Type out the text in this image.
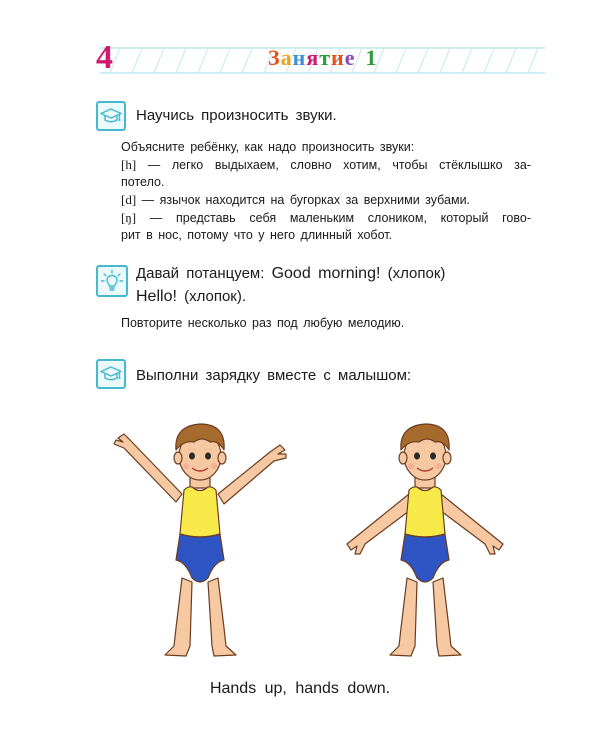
4	Занятие 1
Научись произносить звуки.

Объясните ребёнку, как надо произносить звуки:

[h] — легко выдыхаем, словно хотим, чтобы стёклышко за-

потело.

[d] — язычок находится на бугорках за верхними зубами.

[ŋ] — представь себя маленьким слоником, который гово-

рит в нос, потому что у него длинный хобот.

Давай потанцуем: Good morning! (хлопок)
Hello! (хлопок).
Повторите несколько раз под любую мелодию.
Выполни зарядку вместе с малышом:
Hands up, hands down.
